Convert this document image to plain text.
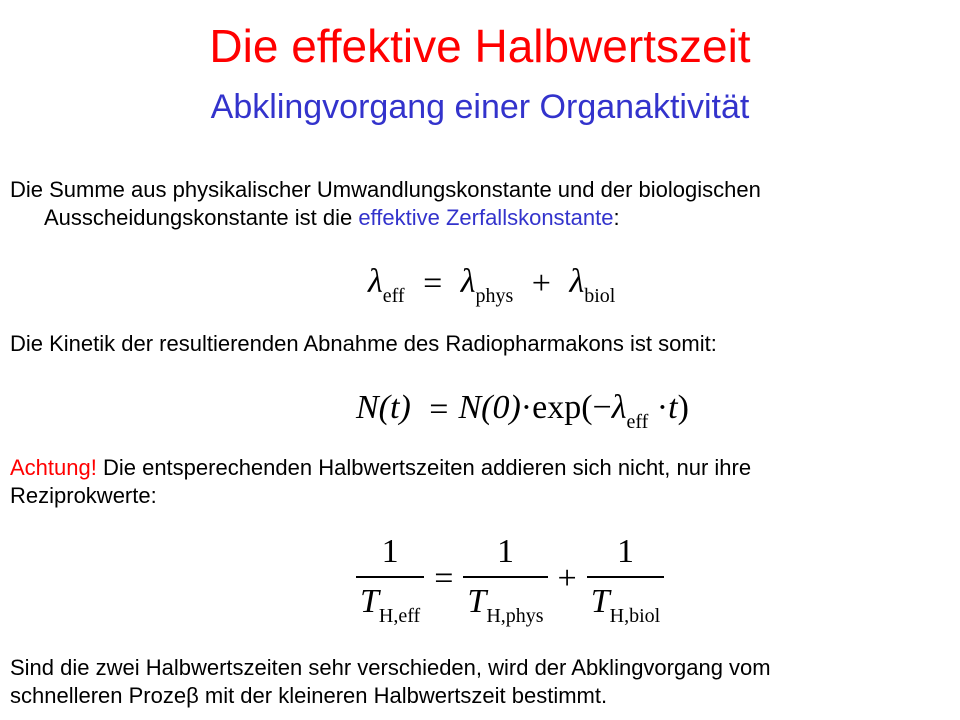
Die effektive Halbwertszeit
Abklingvorgang einer Organaktivität
Die Summe aus physikalischer Umwandlungskonstante und der biologischen
Ausscheidungskonstante ist die effektive Zerfallskonstante:
$\lambda_{eff} = \lambda_{phys} + \lambda_{biol}$
Die Kinetik der resultierenden Abnahme des Radiopharmakons ist somit:
$N(t) = N(0)\cdot\exp(-\lambda_{eff} \cdot t)$
Achtung! Die entsperechenden Halbwertszeiten addieren sich nicht, nur ihre
Reziprokwerte:
$\frac{1}{T_{H,eff}} = \frac{1}{T_{H,phys}} + \frac{1}{T_{H,biol}}$
Sind die zwei Halbwertszeiten sehr verschieden, wird der Abklingvorgang vom
schnelleren Prozeβ mit der kleineren Halbwertszeit bestimmt.
